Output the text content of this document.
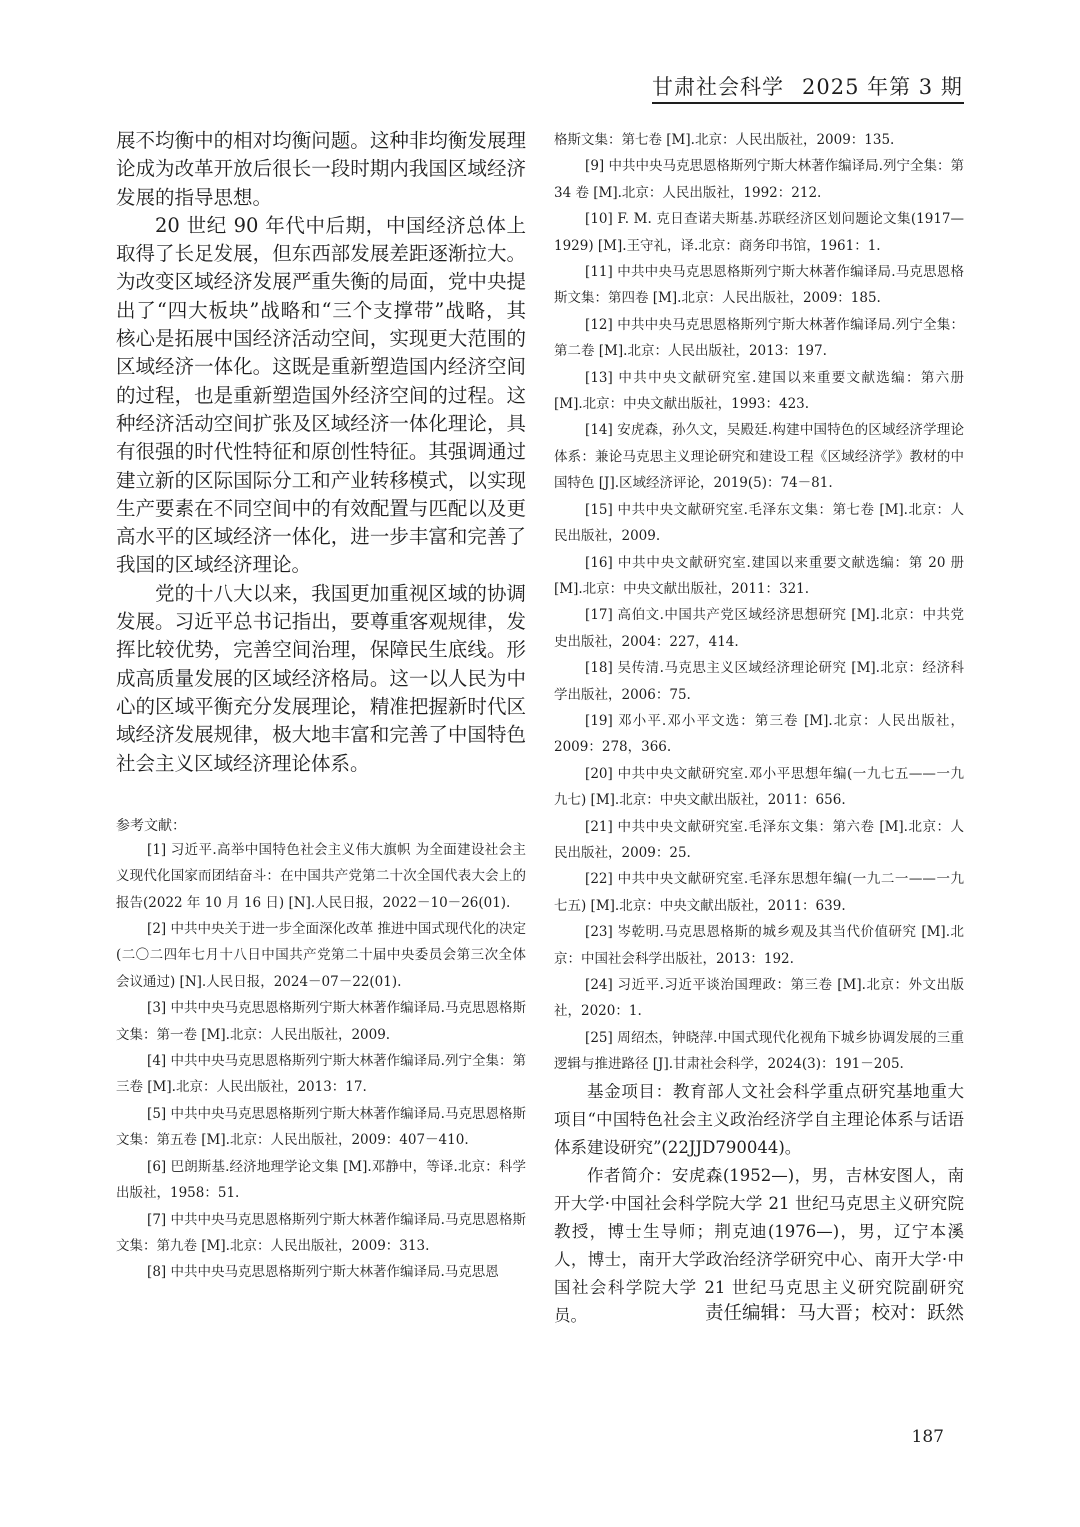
甘肃社会科学 2025 年第 3 期

展不均衡中的相对均衡问题。这种非均衡发展理论成为改革开放后很长一段时期内我国区域经济发展的指导思想。

20 世纪 90 年代中后期，中国经济总体上取得了长足发展，但东西部发展差距逐渐拉大。为改变区域经济发展严重失衡的局面，党中央提出了“四大板块”战略和“三个支撑带”战略，其核心是拓展中国经济活动空间，实现更大范围的区域经济一体化。这既是重新塑造国内经济空间的过程，也是重新塑造国外经济空间的过程。这种经济活动空间扩张及区域经济一体化理论，具有很强的时代性特征和原创性特征。其强调通过建立新的区际国际分工和产业转移模式，以实现生产要素在不同空间中的有效配置与匹配以及更高水平的区域经济一体化，进一步丰富和完善了我国的区域经济理论。

党的十八大以来，我国更加重视区域的协调发展。习近平总书记指出，要尊重客观规律，发挥比较优势，完善空间治理，保障民生底线。形成高质量发展的区域经济格局。这一以人民为中心的区域平衡充分发展理论，精准把握新时代区域经济发展规律，极大地丰富和完善了中国特色社会主义区域经济理论体系。

参考文献：

[1] 习近平.高举中国特色社会主义伟大旗帜 为全面建设社会主义现代化国家而团结奋斗：在中国共产党第二十次全国代表大会上的报告(2022 年 10 月 16 日) [N].人民日报，2022－10－26(01).

[2] 中共中央关于进一步全面深化改革 推进中国式现代化的决定(二〇二四年七月十八日中国共产党第二十届中央委员会第三次全体会议通过) [N].人民日报，2024－07－22(01).

[3] 中共中央马克思恩格斯列宁斯大林著作编译局.马克思恩格斯文集：第一卷 [M].北京：人民出版社，2009.

[4] 中共中央马克思恩格斯列宁斯大林著作编译局.列宁全集：第三卷 [M].北京：人民出版社，2013：17.

[5] 中共中央马克思恩格斯列宁斯大林著作编译局.马克思恩格斯文集：第五卷 [M].北京：人民出版社，2009：407－410.

[6] 巴朗斯基.经济地理学论文集 [M].邓静中，等译.北京：科学出版社，1958：51.

[7] 中共中央马克思恩格斯列宁斯大林著作编译局.马克思恩格斯文集：第九卷 [M].北京：人民出版社，2009：313.

[8] 中共中央马克思恩格斯列宁斯大林著作编译局.马克思恩

格斯文集：第七卷 [M].北京：人民出版社，2009：135.

[9] 中共中央马克思恩格斯列宁斯大林著作编译局.列宁全集：第 34 卷 [M].北京：人民出版社，1992：212.

[10] F. M. 克日查诺夫斯基.苏联经济区划问题论文集(1917—1929) [M].王守礼，译.北京：商务印书馆，1961：1.

[11] 中共中央马克思恩格斯列宁斯大林著作编译局.马克思恩格斯文集：第四卷 [M].北京：人民出版社，2009：185.

[12] 中共中央马克思恩格斯列宁斯大林著作编译局.列宁全集：第二卷 [M].北京：人民出版社，2013：197.

[13] 中共中央文献研究室.建国以来重要文献选编：第六册 [M].北京：中央文献出版社，1993：423.

[14] 安虎森，孙久文，吴殿廷.构建中国特色的区域经济学理论体系：兼论马克思主义理论研究和建设工程《区域经济学》教材的中国特色 [J].区域经济评论，2019(5)：74－81.

[15] 中共中央文献研究室.毛泽东文集：第七卷 [M].北京：人民出版社，2009.

[16] 中共中央文献研究室.建国以来重要文献选编：第 20 册 [M].北京：中央文献出版社，2011：321.

[17] 高伯文.中国共产党区域经济思想研究 [M].北京：中共党史出版社，2004：227，414.

[18] 吴传清.马克思主义区域经济理论研究 [M].北京：经济科学出版社，2006：75.

[19] 邓小平.邓小平文选：第三卷 [M].北京：人民出版社，2009：278，366.

[20] 中共中央文献研究室.邓小平思想年编(一九七五——一九九七) [M].北京：中央文献出版社，2011：656.

[21] 中共中央文献研究室.毛泽东文集：第六卷 [M].北京：人民出版社，2009：25.

[22] 中共中央文献研究室.毛泽东思想年编(一九二一——一九七五) [M].北京：中央文献出版社，2011：639.

[23] 岑乾明.马克思恩格斯的城乡观及其当代价值研究 [M].北京：中国社会科学出版社，2013：192.

[24] 习近平.习近平谈治国理政：第三卷 [M].北京：外文出版社，2020：1.

[25] 周绍杰，钟晓萍.中国式现代化视角下城乡协调发展的三重逻辑与推进路径 [J].甘肃社会科学，2024(3)：191－205.

基金项目：教育部人文社会科学重点研究基地重大项目“中国特色社会主义政治经济学自主理论体系与话语体系建设研究”(22JJD790044)。

作者简介：安虎森(1952—)，男，吉林安图人，南开大学·中国社会科学院大学 21 世纪马克思主义研究院教授，博士生导师；荆克迪(1976—)，男，辽宁本溪人，博士，南开大学政治经济学研究中心、南开大学·中国社会科学院大学 21 世纪马克思主义研究院副研究员。	责任编辑：马大晋；校对：跃然
187
